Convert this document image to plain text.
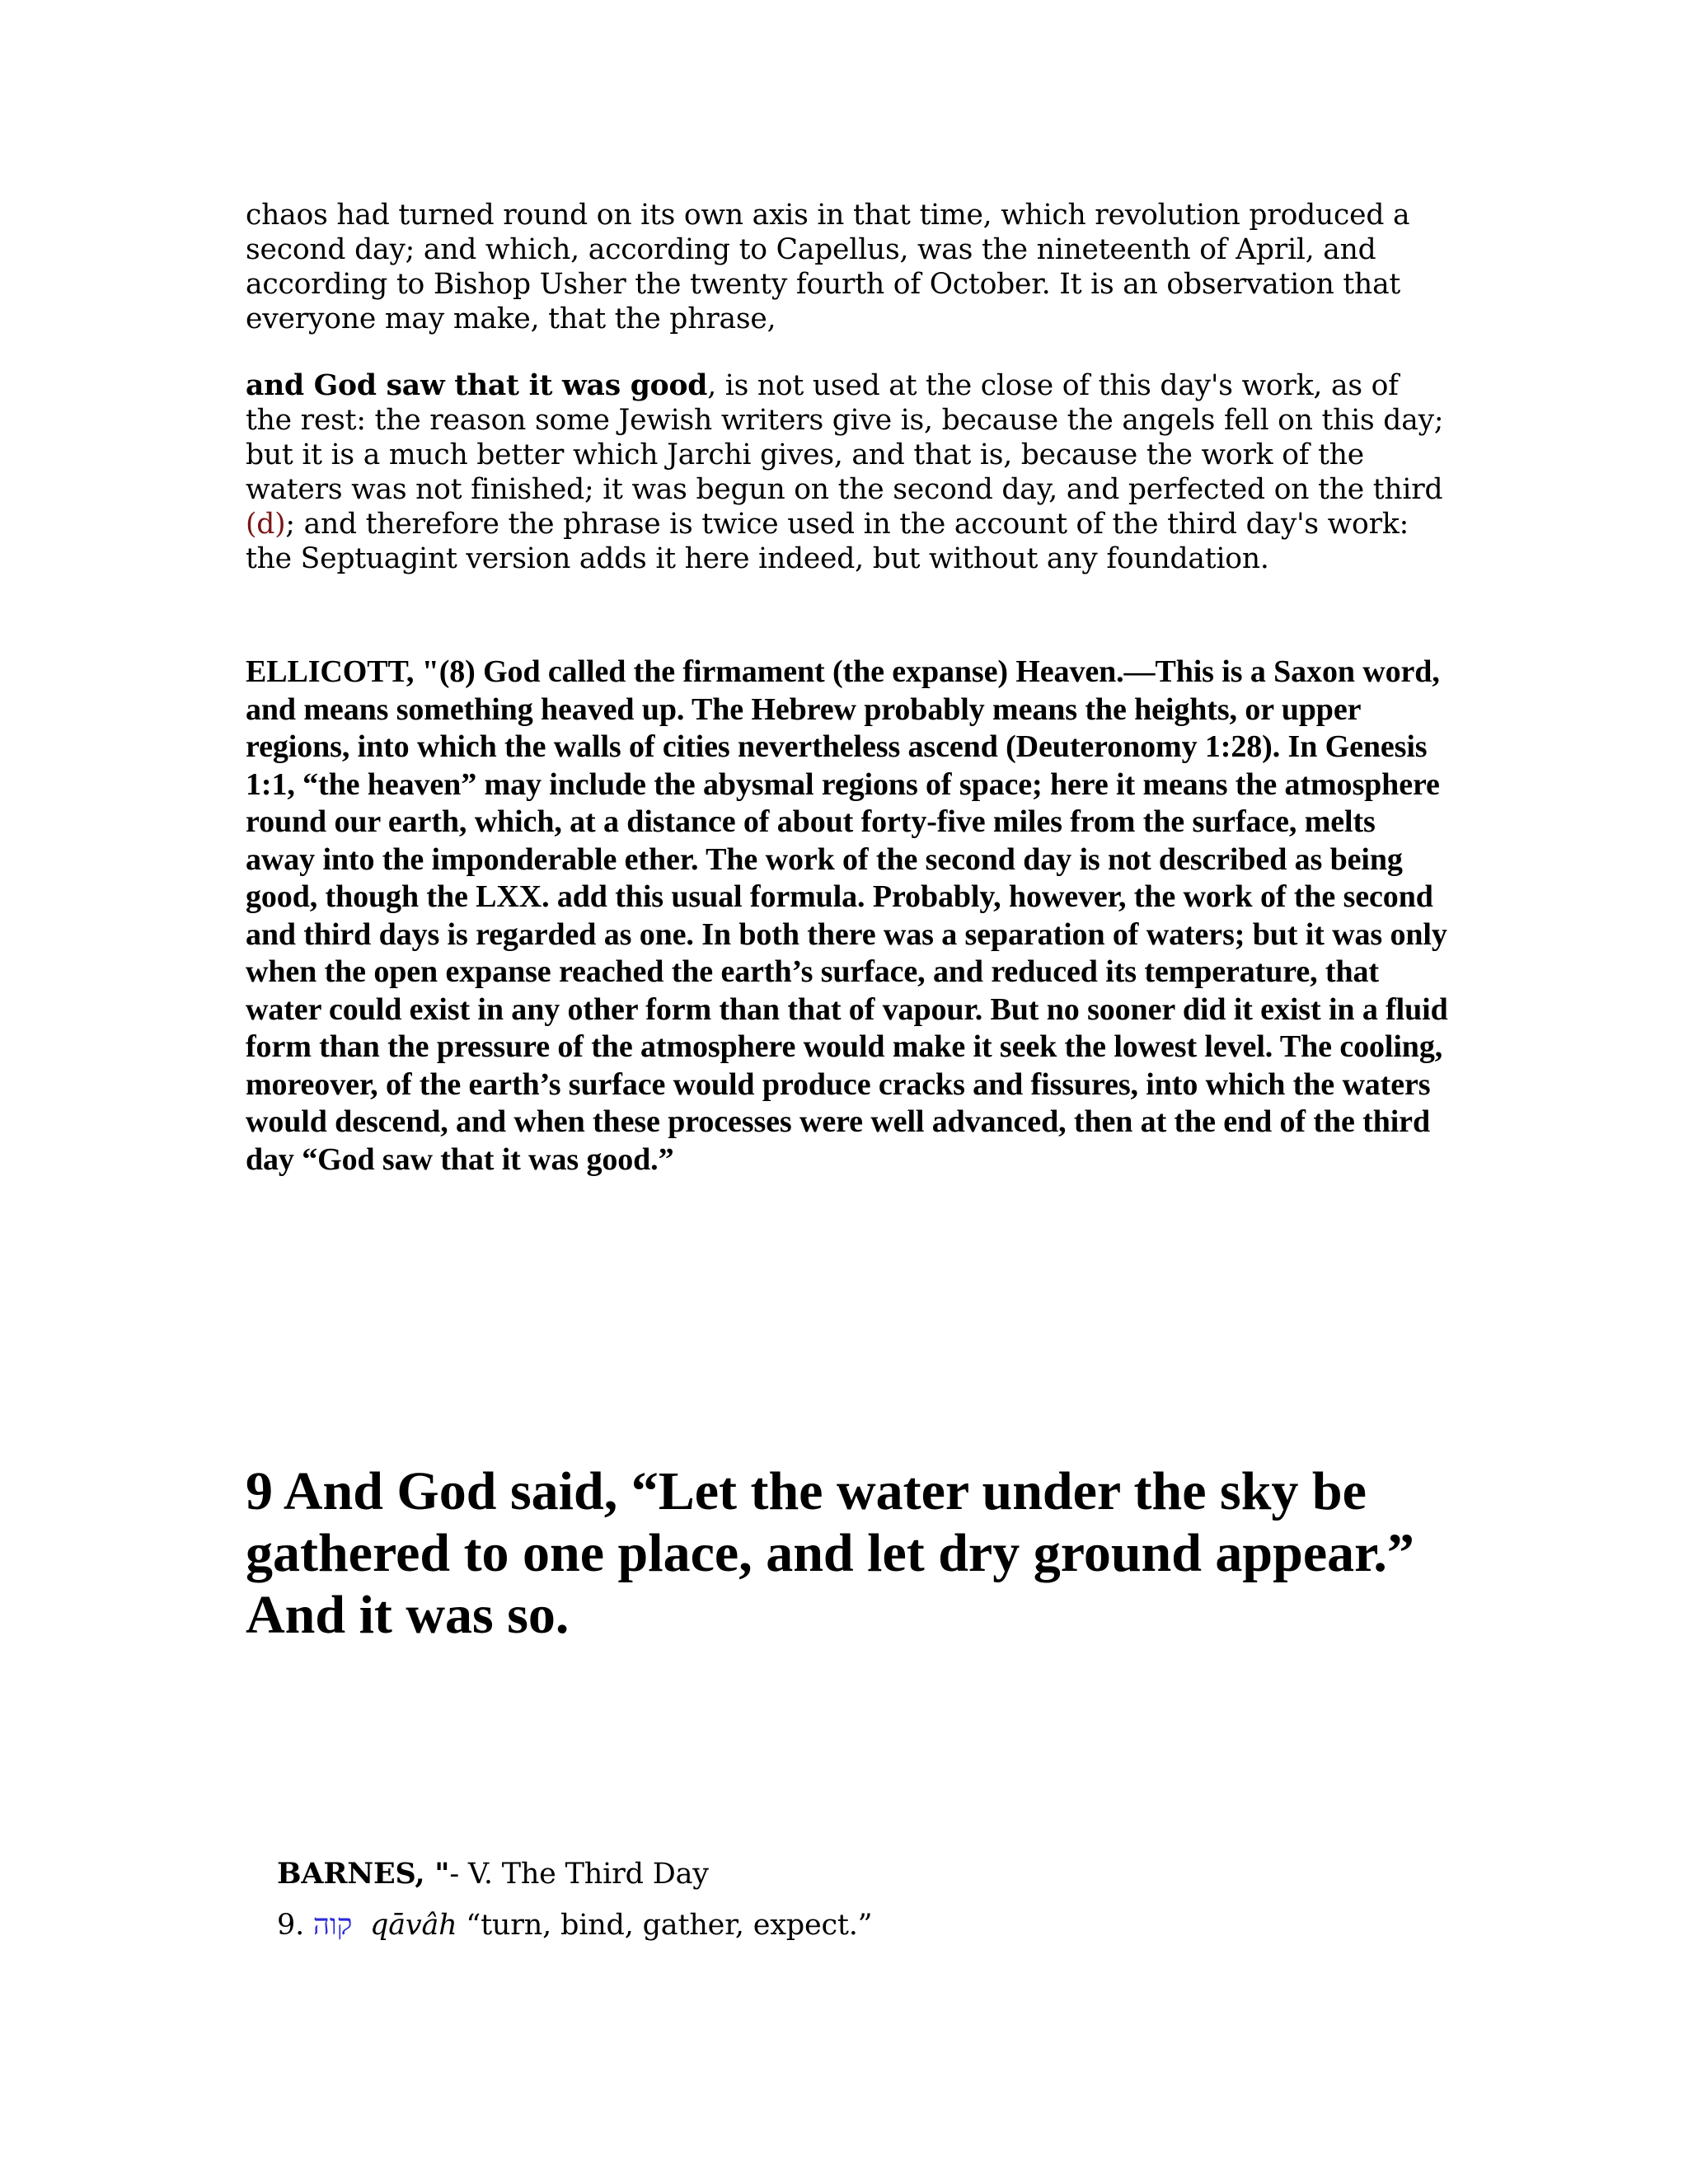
chaos had turned round on its own axis in that time, which revolution produced a
second day; and which, according to Capellus, was the nineteenth of April, and
according to Bishop Usher the twenty fourth of October. It is an observation that
everyone may make, that the phrase,

and God saw that it was good, is not used at the close of this day's work, as of the rest: the reason some Jewish writers give is, because the angels fell on this day; but it is a much better which Jarchi gives, and that is, because the work of the waters was not finished; it was begun on the second day, and perfected on the third (d); and therefore the phrase is twice used in the account of the third day's work: the Septuagint version adds it here indeed, but without any foundation.

ELLICOTT, "(8) God called the firmament (the expanse) Heaven.—This is a Saxon word, and means something heaved up. The Hebrew probably means the heights, or upper regions, into which the walls of cities nevertheless ascend (Deuteronomy 1:28). In Genesis 1:1, “the heaven” may include the abysmal regions of space; here it means the atmosphere round our earth, which, at a distance of about forty-five miles from the surface, melts away into the imponderable ether. The work of the second day is not described as being good, though the LXX. add this usual formula. Probably, however, the work of the second and third days is regarded as one. In both there was a separation of waters; but it was only when the open expanse reached the earth’s surface, and reduced its temperature, that water could exist in any other form than that of vapour. But no sooner did it exist in a fluid form than the pressure of the atmosphere would make it seek the lowest level. The cooling, moreover, of the earth’s surface would produce cracks and fissures, into which the waters would descend, and when these processes were well advanced, then at the end of the third day “God saw that it was good.”

9 And God said, “Let the water under the sky be gathered to one place, and let dry ground appear.” And it was so.

BARNES, "- V. The Third Day

9. קוה qāvâh “turn, bind, gather, expect.”
